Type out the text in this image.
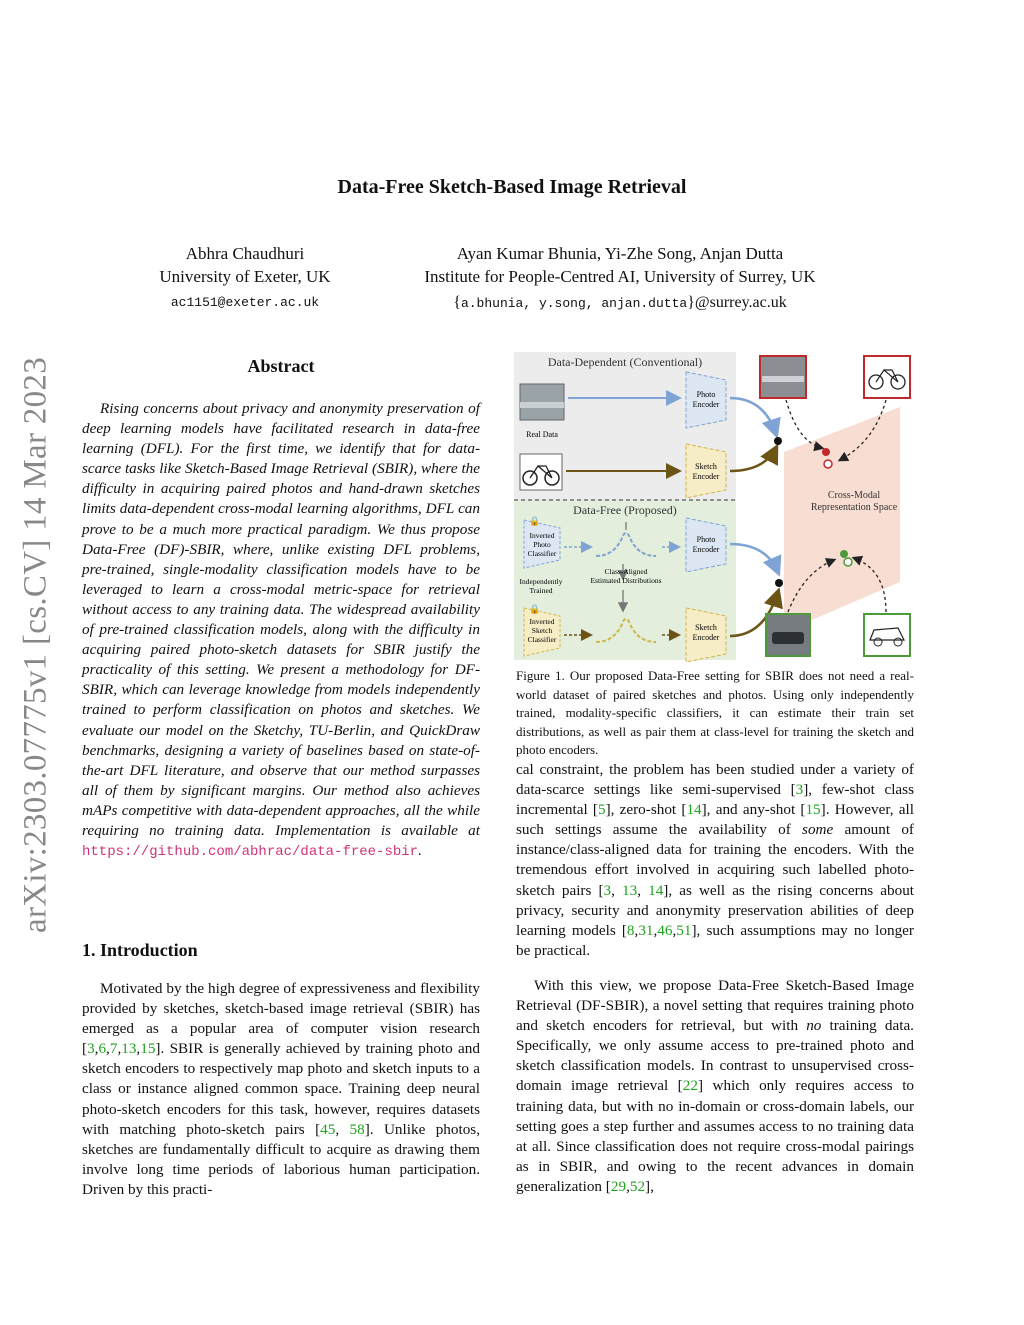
arXiv:2303.07775v1 [cs.CV] 14 Mar 2023
Data-Free Sketch-Based Image Retrieval
Abhra Chaudhuri
University of Exeter, UK
ac1151@exeter.ac.uk
Ayan Kumar Bhunia, Yi-Zhe Song, Anjan Dutta
Institute for People-Centred AI, University of Surrey, UK
{a.bhunia, y.song, anjan.dutta}@surrey.ac.uk
Abstract

Rising concerns about privacy and anonymity preservation of deep learning models have facilitated research in data-free learning (DFL). For the first time, we identify that for data-scarce tasks like Sketch-Based Image Retrieval (SBIR), where the difficulty in acquiring paired photos and hand-drawn sketches limits data-dependent cross-modal learning algorithms, DFL can prove to be a much more practical paradigm. We thus propose Data-Free (DF)-SBIR, where, unlike existing DFL problems, pre-trained, single-modality classification models have to be leveraged to learn a cross-modal metric-space for retrieval without access to any training data. The widespread availability of pre-trained classification models, along with the difficulty in acquiring paired photo-sketch datasets for SBIR justify the practicality of this setting. We present a methodology for DF-SBIR, which can leverage knowledge from models independently trained to perform classification on photos and sketches. We evaluate our model on the Sketchy, TU-Berlin, and QuickDraw benchmarks, designing a variety of baselines based on state-of-the-art DFL literature, and observe that our method surpasses all of them by significant margins. Our method also achieves mAPs competitive with data-dependent approaches, all the while requiring no training data. Implementation is available at https://github.com/abhrac/data-free-sbir.

1. Introduction

Motivated by the high degree of expressiveness and flexibility provided by sketches, sketch-based image retrieval (SBIR) has emerged as a popular area of computer vision research [3,6,7,13,15]. SBIR is generally achieved by training photo and sketch encoders to respectively map photo and sketch inputs to a class or instance aligned common space. Training deep neural photo-sketch encoders for this task, however, requires datasets with matching photo-sketch pairs [45, 58]. Unlike photos, sketches are fundamentally difficult to acquire as drawing them involve long time periods of laborious human participation. Driven by this practi-

Data-Dependent (Conventional)
Data-Free (Proposed)
Real Data
Photo
Encoder
Sketch
Encoder
🔒
Inverted
Photo
Classifier
Independently
Trained
🔒
Inverted
Sketch
Classifier
Class-Aligned
Estimated Distributions
Photo
Encoder
Sketch
Encoder
Cross-Modal
Representation Space
Figure 1. Our proposed Data-Free setting for SBIR does not need a real-world dataset of paired sketches and photos. Using only independently trained, modality-specific classifiers, it can estimate their train set distributions, as well as pair them at class-level for training the sketch and photo encoders.

cal constraint, the problem has been studied under a variety of data-scarce settings like semi-supervised [3], few-shot class incremental [5], zero-shot [14], and any-shot [15]. However, all such settings assume the availability of some amount of instance/class-aligned data for training the encoders. With the tremendous effort involved in acquiring such labelled photo-sketch pairs [3, 13, 14], as well as the rising concerns about privacy, security and anonymity preservation abilities of deep learning models [8,31,46,51], such assumptions may no longer be practical.

With this view, we propose Data-Free Sketch-Based Image Retrieval (DF-SBIR), a novel setting that requires training photo and sketch encoders for retrieval, but with no training data. Specifically, we only assume access to pre-trained photo and sketch classification models. In contrast to unsupervised cross-domain image retrieval [22] which only requires access to training data, but with no in-domain or cross-domain labels, our setting goes a step further and assumes access to no training data at all. Since classification does not require cross-modal pairings as in SBIR, and owing to the recent advances in domain generalization [29,52],
